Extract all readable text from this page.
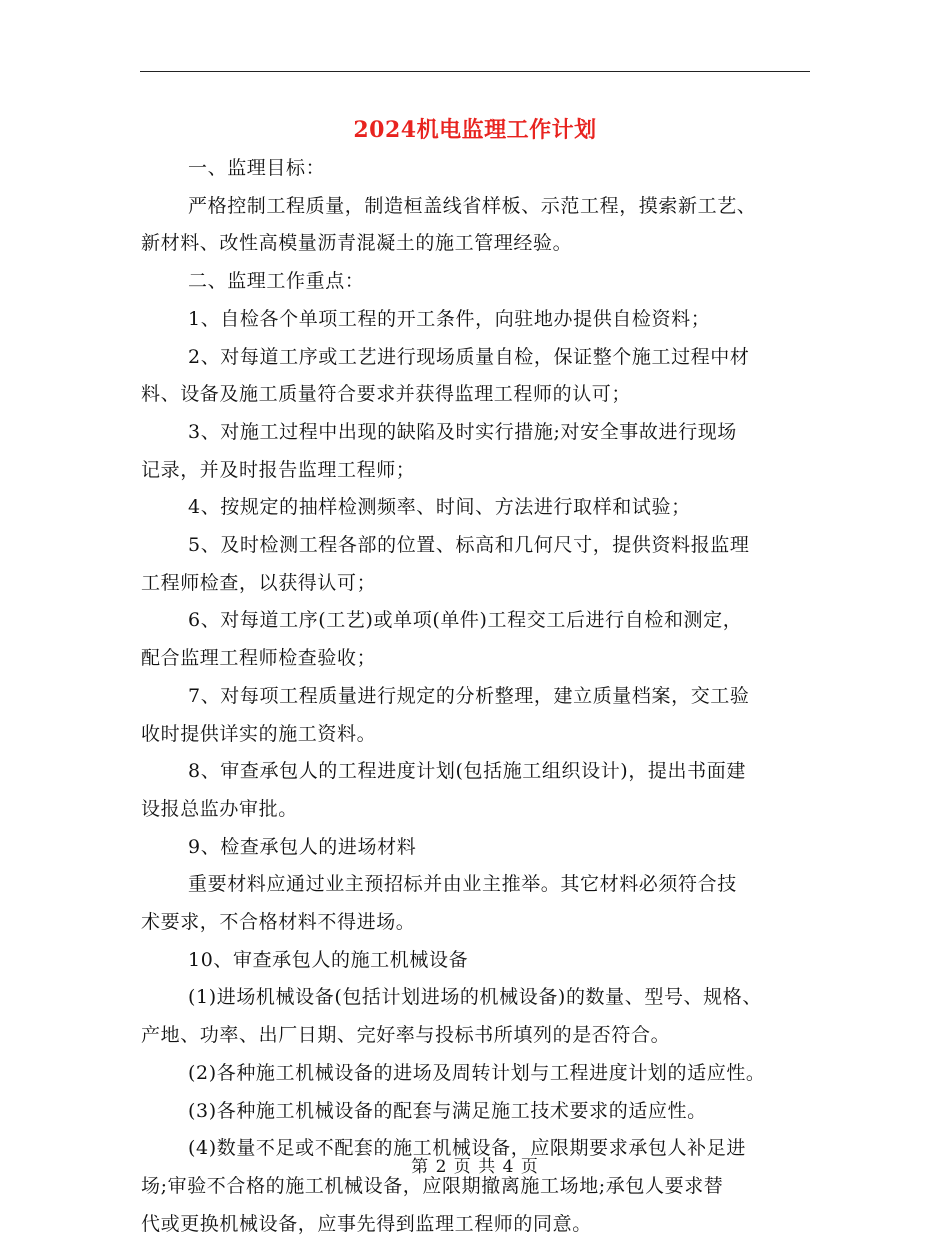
2024机电监理工作计划
一、监理目标：
严格控制工程质量，制造桓盖线省样板、示范工程，摸索新工艺、
新材料、改性高模量沥青混凝土的施工管理经验。
二、监理工作重点：
1、自检各个单项工程的开工条件，向驻地办提供自检资料；
2、对每道工序或工艺进行现场质量自检，保证整个施工过程中材
料、设备及施工质量符合要求并获得监理工程师的认可；
3、对施工过程中出现的缺陷及时实行措施;对安全事故进行现场
记录，并及时报告监理工程师；
4、按规定的抽样检测频率、时间、方法进行取样和试验；
5、及时检测工程各部的位置、标高和几何尺寸，提供资料报监理
工程师检查，以获得认可；
6、对每道工序(工艺)或单项(单件)工程交工后进行自检和测定，
配合监理工程师检查验收；
7、对每项工程质量进行规定的分析整理，建立质量档案，交工验
收时提供详实的施工资料。
8、审查承包人的工程进度计划(包括施工组织设计)，提出书面建
设报总监办审批。
9、检查承包人的进场材料
重要材料应通过业主预招标并由业主推举。其它材料必须符合技
术要求，不合格材料不得进场。
10、审查承包人的施工机械设备
(1)进场机械设备(包括计划进场的机械设备)的数量、型号、规格、
产地、功率、出厂日期、完好率与投标书所填列的是否符合。
(2)各种施工机械设备的进场及周转计划与工程进度计划的适应性。
(3)各种施工机械设备的配套与满足施工技术要求的适应性。
(4)数量不足或不配套的施工机械设备，应限期要求承包人补足进
场;审验不合格的施工机械设备，应限期撤离施工场地;承包人要求替
代或更换机械设备，应事先得到监理工程师的同意。
第 2 页 共 4 页
